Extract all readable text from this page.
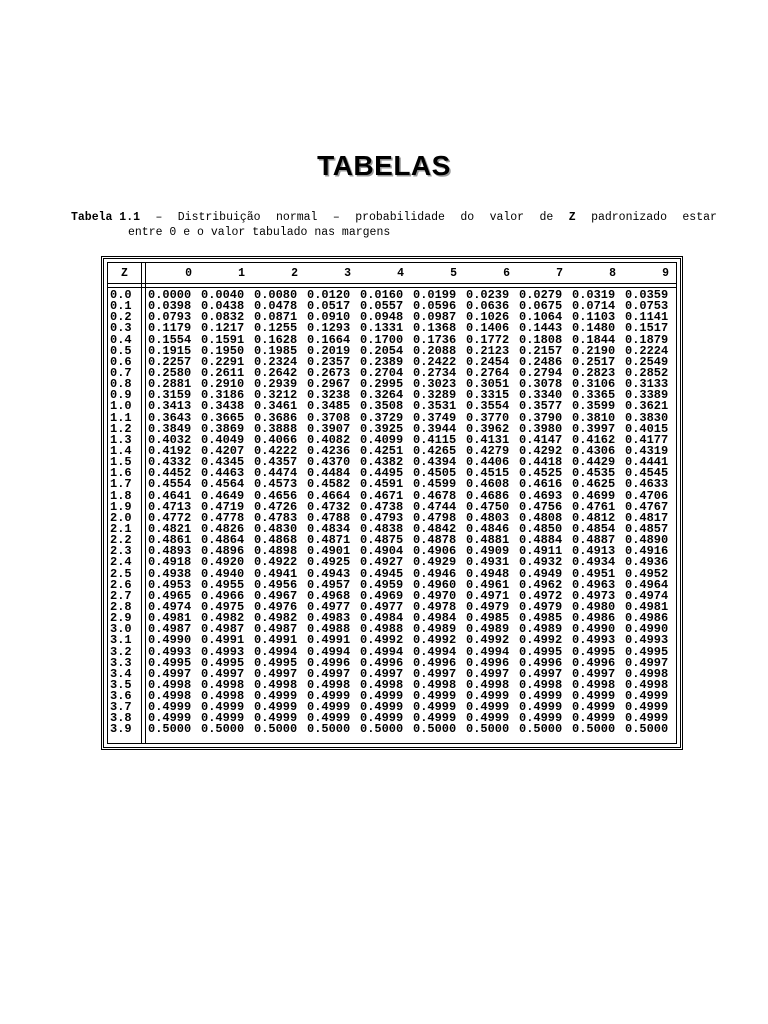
TABELAS
Tabela 1.1 – Distribuição normal – probabilidade do valor de Z padronizado estar
entre 0 e o valor tabulado nas margens
Z	0	1	2	3	4	5	6	7	8	9
0.0 0.0000 0.0040 0.0080 0.0120 0.0160 0.0199 0.0239 0.0279 0.0319 0.0359
0.1 0.0398 0.0438 0.0478 0.0517 0.0557 0.0596 0.0636 0.0675 0.0714 0.0753
0.2 0.0793 0.0832 0.0871 0.0910 0.0948 0.0987 0.1026 0.1064 0.1103 0.1141
0.3 0.1179 0.1217 0.1255 0.1293 0.1331 0.1368 0.1406 0.1443 0.1480 0.1517
0.4 0.1554 0.1591 0.1628 0.1664 0.1700 0.1736 0.1772 0.1808 0.1844 0.1879
0.5 0.1915 0.1950 0.1985 0.2019 0.2054 0.2088 0.2123 0.2157 0.2190 0.2224
0.6 0.2257 0.2291 0.2324 0.2357 0.2389 0.2422 0.2454 0.2486 0.2517 0.2549
0.7 0.2580 0.2611 0.2642 0.2673 0.2704 0.2734 0.2764 0.2794 0.2823 0.2852
0.8 0.2881 0.2910 0.2939 0.2967 0.2995 0.3023 0.3051 0.3078 0.3106 0.3133
0.9 0.3159 0.3186 0.3212 0.3238 0.3264 0.3289 0.3315 0.3340 0.3365 0.3389
1.0 0.3413 0.3438 0.3461 0.3485 0.3508 0.3531 0.3554 0.3577 0.3599 0.3621
1.1 0.3643 0.3665 0.3686 0.3708 0.3729 0.3749 0.3770 0.3790 0.3810 0.3830
1.2 0.3849 0.3869 0.3888 0.3907 0.3925 0.3944 0.3962 0.3980 0.3997 0.4015
1.3 0.4032 0.4049 0.4066 0.4082 0.4099 0.4115 0.4131 0.4147 0.4162 0.4177
1.4 0.4192 0.4207 0.4222 0.4236 0.4251 0.4265 0.4279 0.4292 0.4306 0.4319
1.5 0.4332 0.4345 0.4357 0.4370 0.4382 0.4394 0.4406 0.4418 0.4429 0.4441
1.6 0.4452 0.4463 0.4474 0.4484 0.4495 0.4505 0.4515 0.4525 0.4535 0.4545
1.7 0.4554 0.4564 0.4573 0.4582 0.4591 0.4599 0.4608 0.4616 0.4625 0.4633
1.8 0.4641 0.4649 0.4656 0.4664 0.4671 0.4678 0.4686 0.4693 0.4699 0.4706
1.9 0.4713 0.4719 0.4726 0.4732 0.4738 0.4744 0.4750 0.4756 0.4761 0.4767
2.0 0.4772 0.4778 0.4783 0.4788 0.4793 0.4798 0.4803 0.4808 0.4812 0.4817
2.1 0.4821 0.4826 0.4830 0.4834 0.4838 0.4842 0.4846 0.4850 0.4854 0.4857
2.2 0.4861 0.4864 0.4868 0.4871 0.4875 0.4878 0.4881 0.4884 0.4887 0.4890
2.3 0.4893 0.4896 0.4898 0.4901 0.4904 0.4906 0.4909 0.4911 0.4913 0.4916
2.4 0.4918 0.4920 0.4922 0.4925 0.4927 0.4929 0.4931 0.4932 0.4934 0.4936
2.5 0.4938 0.4940 0.4941 0.4943 0.4945 0.4946 0.4948 0.4949 0.4951 0.4952
2.6 0.4953 0.4955 0.4956 0.4957 0.4959 0.4960 0.4961 0.4962 0.4963 0.4964
2.7 0.4965 0.4966 0.4967 0.4968 0.4969 0.4970 0.4971 0.4972 0.4973 0.4974
2.8 0.4974 0.4975 0.4976 0.4977 0.4977 0.4978 0.4979 0.4979 0.4980 0.4981
2.9 0.4981 0.4982 0.4982 0.4983 0.4984 0.4984 0.4985 0.4985 0.4986 0.4986
3.0 0.4987 0.4987 0.4987 0.4988 0.4988 0.4989 0.4989 0.4989 0.4990 0.4990
3.1 0.4990 0.4991 0.4991 0.4991 0.4992 0.4992 0.4992 0.4992 0.4993 0.4993
3.2 0.4993 0.4993 0.4994 0.4994 0.4994 0.4994 0.4994 0.4995 0.4995 0.4995
3.3 0.4995 0.4995 0.4995 0.4996 0.4996 0.4996 0.4996 0.4996 0.4996 0.4997
3.4 0.4997 0.4997 0.4997 0.4997 0.4997 0.4997 0.4997 0.4997 0.4997 0.4998
3.5 0.4998 0.4998 0.4998 0.4998 0.4998 0.4998 0.4998 0.4998 0.4998 0.4998
3.6 0.4998 0.4998 0.4999 0.4999 0.4999 0.4999 0.4999 0.4999 0.4999 0.4999
3.7 0.4999 0.4999 0.4999 0.4999 0.4999 0.4999 0.4999 0.4999 0.4999 0.4999
3.8 0.4999 0.4999 0.4999 0.4999 0.4999 0.4999 0.4999 0.4999 0.4999 0.4999
3.9 0.5000 0.5000 0.5000 0.5000 0.5000 0.5000 0.5000 0.5000 0.5000 0.5000
